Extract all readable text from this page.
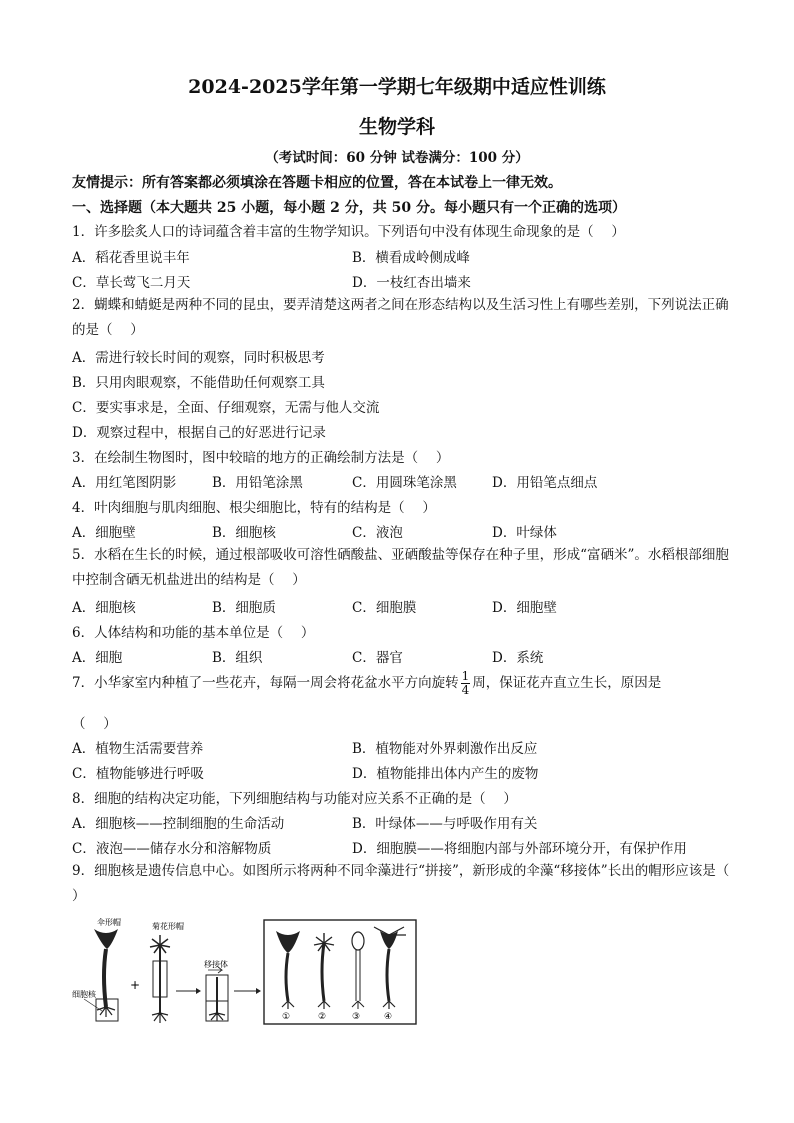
2024-2025学年第一学期七年级期中适应性训练
生物学科
（考试时间：60 分钟 试卷满分：100 分）
友情提示：所有答案都必须填涂在答题卡相应的位置，答在本试卷上一律无效。
一、选择题（本大题共 25 小题，每小题 2 分，共 50 分。每小题只有一个正确的选项）
1．许多脍炙人口的诗词蕴含着丰富的生物学知识。下列语句中没有体现生命现象的是（　 ）
A．稻花香里说丰年	B．横看成岭侧成峰
C．草长莺飞二月天	D．一枝红杏出墙来
2．蝴蝶和蜻蜓是两种不同的昆虫，要弄清楚这两者之间在形态结构以及生活习性上有哪些差别，下列说法正确的是（　 ）
A．需进行较长时间的观察，同时积极思考
B．只用肉眼观察，不能借助任何观察工具
C．要实事求是，全面、仔细观察，无需与他人交流
D．观察过程中，根据自己的好恶进行记录
3．在绘制生物图时，图中较暗的地方的正确绘制方法是（　 ）
A．用红笔图阴影	B．用铅笔涂黑	C．用圆珠笔涂黑	D．用铅笔点细点
4．叶肉细胞与肌肉细胞、根尖细胞比，特有的结构是（　 ）
A．细胞壁	B．细胞核	C．液泡	D．叶绿体
5．水稻在生长的时候，通过根部吸收可溶性硒酸盐、亚硒酸盐等保存在种子里，形成“富硒米”。水稻根部细胞中控制含硒无机盐进出的结构是（　 ）
A．细胞核	B．细胞质	C．细胞膜	D．细胞壁
6．人体结构和功能的基本单位是（　 ）
A．细胞	B．组织	C．器官	D．系统
7．小华家室内种植了一些花卉，每隔一周会将花盆水平方向旋转 $\frac{1}{4}$ 周，保证花卉直立生长，原因是
（　 ）
A．植物生活需要营养	B．植物能对外界刺激作出反应
C．植物能够进行呼吸	D．植物能排出体内产生的废物
8．细胞的结构决定功能，下列细胞结构与功能对应关系不正确的是（　 ）
A．细胞核——控制细胞的生命活动	B．叶绿体——与呼吸作用有关
C．液泡——储存水分和溶解物质	D．细胞膜——将细胞内部与外部环境分开，有保护作用
9．细胞核是遗传信息中心。如图所示将两种不同伞藻进行“拼接”，新形成的伞藻“移接体”长出的帽形应该是（　 ）
伞形帽
细胞核
+
菊花形帽
移接体
①	②	③	④
